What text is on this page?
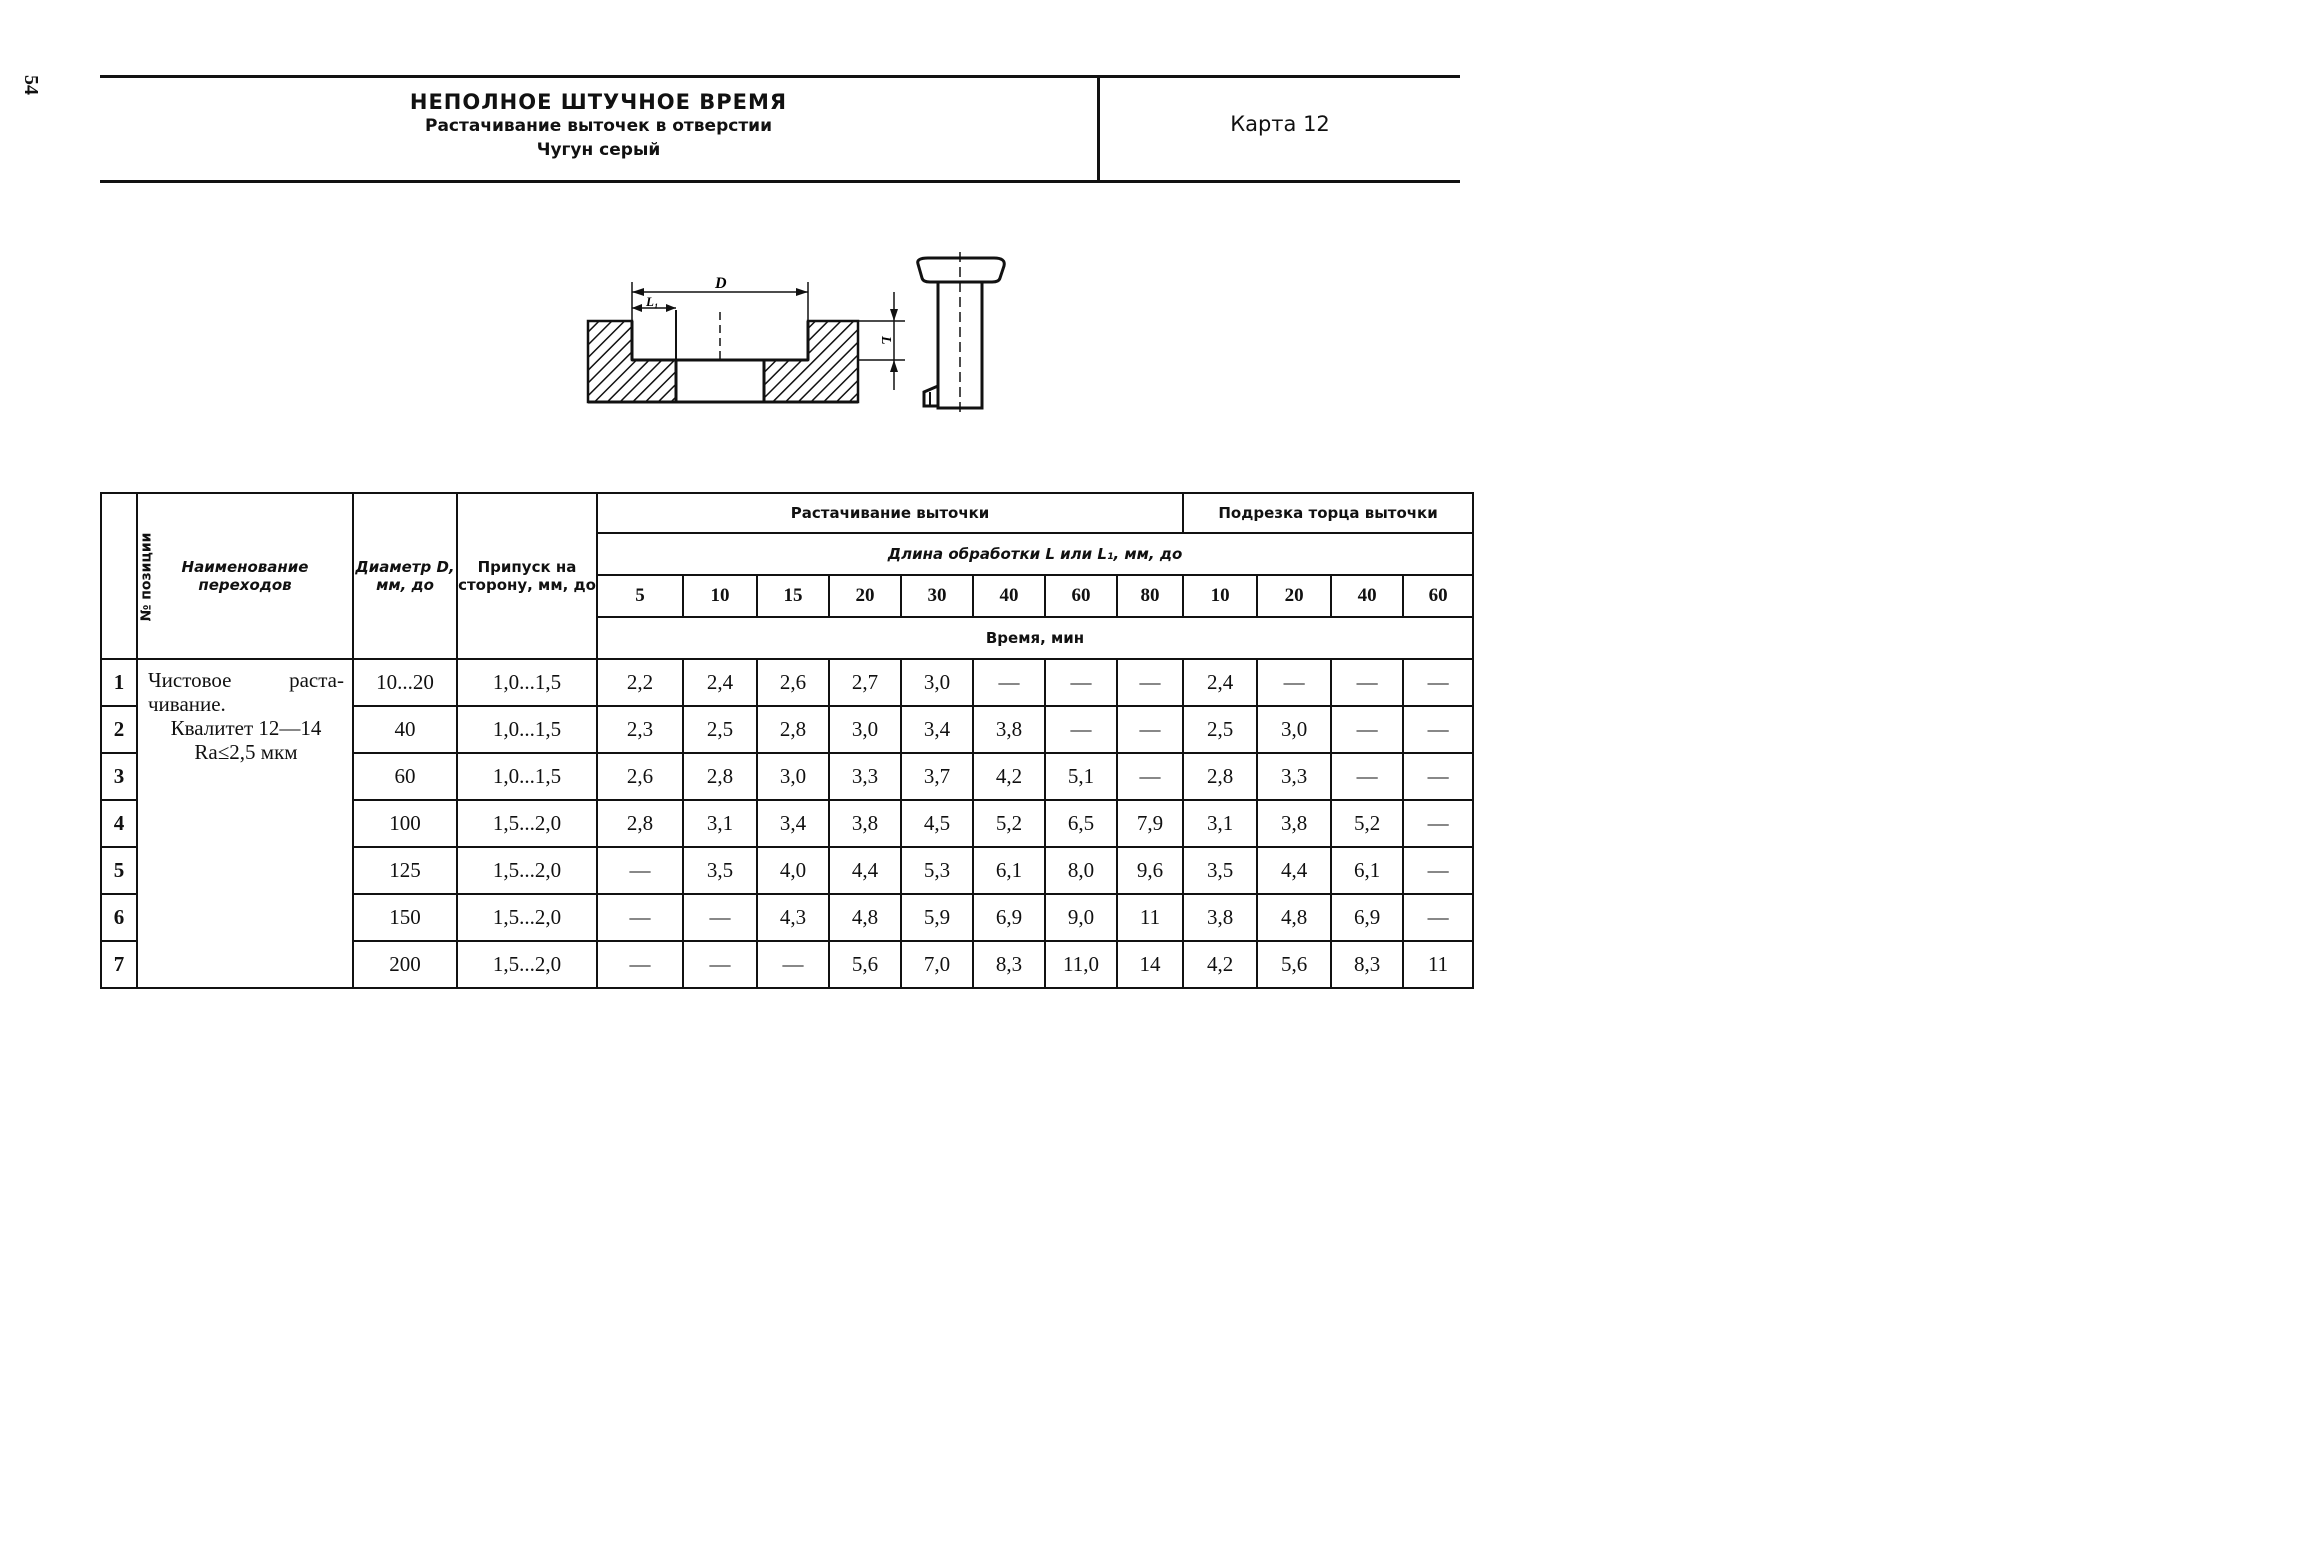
54
НЕПОЛНОЕ ШТУЧНОЕ ВРЕМЯ
Растачивание выточек в отверстии
Чугун серый
Карта 12
D
L₁
L
№ позиции	Наименование переходов	Диаметр D, мм, до	Припуск на сторону, мм, до	Растачивание выточки								Подрезка торца выточки			
				Длина обработки L или L₁, мм, до											
				5	10	15	20	30	40	60	80	10	20	40	60
				Время, мин											
1	Чистовое раста-
чивание.
Квалитет 12—14
Ra≤2,5 мкм	10...20	1,0...1,5	2,2	2,4	2,6	2,7	3,0	—	—	—	2,4	—	—	—
2		40	1,0...1,5	2,3	2,5	2,8	3,0	3,4	3,8	—	—	2,5	3,0	—	—
3		60	1,0...1,5	2,6	2,8	3,0	3,3	3,7	4,2	5,1	—	2,8	3,3	—	—
4		100	1,5...2,0	2,8	3,1	3,4	3,8	4,5	5,2	6,5	7,9	3,1	3,8	5,2	—
5		125	1,5...2,0	—	3,5	4,0	4,4	5,3	6,1	8,0	9,6	3,5	4,4	6,1	—
6		150	1,5...2,0	—	—	4,3	4,8	5,9	6,9	9,0	11	3,8	4,8	6,9	—
7		200	1,5...2,0	—	—	—	5,6	7,0	8,3	11,0	14	4,2	5,6	8,3	11
